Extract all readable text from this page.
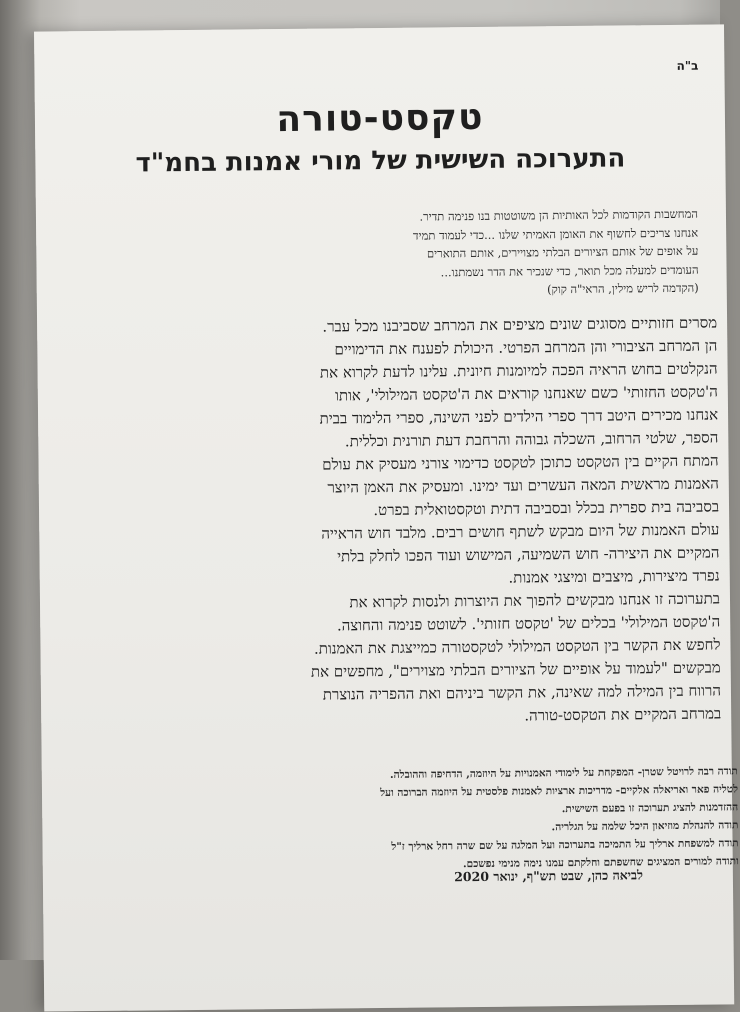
ב"ה
טקסט-טורה
התערוכה השישית של מורי אמנות בחמ"ד
המחשבות הקודמות לכל האותיות הן משוטטות בנו פנימה תדיר.
אנחנו צריכים לחשוף את האומן האמיתי שלנו ...כדי לעמוד תמיד
על אופים של אותם הציורים הבלתי מצויירים, אותם התוארים
העומדים למעלה מכל תואר, כדי שנכיר את הדר נשמתנו...
(הקדמה לריש מילין, הראי"ה קוק)
מסרים חזותיים מסוגים שונים מציפים את המרחב שסביבנו מכל עבר.
הן המרחב הציבורי והן המרחב הפרטי. היכולת לפענח את הדימויים
הנקלטים בחוש הראיה הפכה למיומנות חיונית. עלינו לדעת לקרוא את
ה'טקסט החזותי' כשם שאנחנו קוראים את ה'טקסט המילולי', אותו
אנחנו מכירים היטב דרך ספרי הילדים לפני השינה, ספרי הלימוד בבית
הספר, שלטי הרחוב, השכלה גבוהה והרחבת דעת תורנית וכללית.
המתח הקיים בין הטקסט כתוכן לטקסט כדימוי צורני מעסיק את עולם
האמנות מראשית המאה העשרים ועד ימינו. ומעסיק את האמן היוצר
בסביבה בית ספרית בכלל ובסביבה דתית וטקסטואלית בפרט.
עולם האמנות של היום מבקש לשתף חושים רבים. מלבד חוש הראייה
המקיים את היצירה- חוש השמיעה, המישוש ועוד הפכו לחלק בלתי
נפרד מיצירות, מיצבים ומיצגי אמנות.
בתערוכה זו אנחנו מבקשים להפוך את היוצרות ולנסות לקרוא את
ה'טקסט המילולי' בכלים של 'טקסט חזותי'. לשוטט פנימה והחוצה.
לחפש את הקשר בין הטקסט המילולי לטקסטורה כמייצגת את האמנות.
מבקשים "לעמוד על אופיים של הציורים הבלתי מצוירים", מחפשים את
הרווח בין המילה למה שאינה, את הקשר ביניהם ואת ההפריה הנוצרת
במרחב המקיים את הטקסט-טורה.
תודה רבה לרויטל שטרן- המפקחת על לימודי האמנויות על היוזמה, הדחיפה וההובלה.
לטליה פאר ואריאלה אלקיים- מדריכות ארציות לאמנות פלסטית על היוזמה הברוכה ועל
ההזדמנות להציג תערוכה זו בפעם השישית.
תודה להנהלת מוזיאון היכל שלמה על הגלריה.
תודה למשפחת ארליך על התמיכה בתערוכה ועל המלגה על שם שרה רחל ארליך ז"ל
ותודה למורים המציגים שחשפתם וחלקתם עמנו נימה מנימי נפשכם.
לביאה כהן, שבט תש"ף, ינואר 2020
